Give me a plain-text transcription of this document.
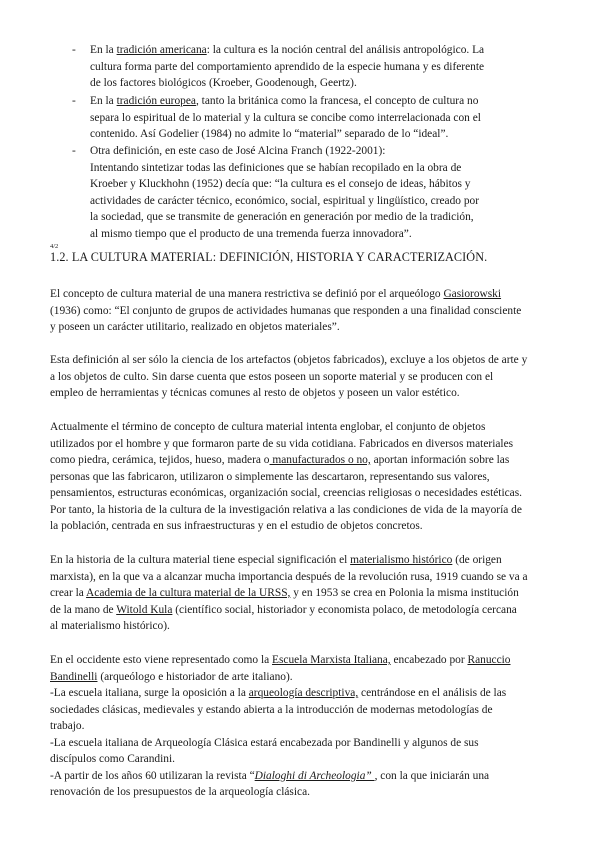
- En la tradición americana: la cultura es la noción central del análisis antropológico. La
cultura forma parte del comportamiento aprendido de la especie humana y es diferente
de los factores biológicos (Kroeber, Goodenough, Geertz).
- En la tradición europea, tanto la británica como la francesa, el concepto de cultura no
separa lo espiritual de lo material y la cultura se concibe como interrelacionada con el
contenido. Así Godelier (1984) no admite lo “material” separado de lo “ideal”.
- Otra definición, en este caso de José Alcina Franch (1922-2001):
Intentando sintetizar todas las definiciones que se habían recopilado en la obra de
Kroeber y Kluckhohn (1952) decía que: “la cultura es el consejo de ideas, hábitos y
actividades de carácter técnico, económico, social, espiritual y lingüístico, creado por
la sociedad, que se transmite de generación en generación por medio de la tradición,
al mismo tiempo que el producto de una tremenda fuerza innovadora”.
4/2
1.2. LA CULTURA MATERIAL: DEFINICIÓN, HISTORIA Y CARACTERIZACIÓN.
El concepto de cultura material de una manera restrictiva se definió por el arqueólogo Gasiorowski
(1936) como: “El conjunto de grupos de actividades humanas que responden a una finalidad consciente
y poseen un carácter utilitario, realizado en objetos materiales”.
Esta definición al ser sólo la ciencia de los artefactos (objetos fabricados), excluye a los objetos de arte y
a los objetos de culto. Sin darse cuenta que estos poseen un soporte material y se producen con el
empleo de herramientas y técnicas comunes al resto de objetos y poseen un valor estético.
Actualmente el término de concepto de cultura material intenta englobar, el conjunto de objetos
utilizados por el hombre y que formaron parte de su vida cotidiana. Fabricados en diversos materiales
como piedra, cerámica, tejidos, hueso, madera o manufacturados o no, aportan información sobre las
personas que las fabricaron, utilizaron o simplemente las descartaron, representando sus valores,
pensamientos, estructuras económicas, organización social, creencias religiosas o necesidades estéticas.
Por tanto, la historia de la cultura de la investigación relativa a las condiciones de vida de la mayoría de
la población, centrada en sus infraestructuras y en el estudio de objetos concretos.
En la historia de la cultura material tiene especial significación el materialismo histórico (de origen
marxista), en la que va a alcanzar mucha importancia después de la revolución rusa, 1919 cuando se va a
crear la Academia de la cultura material de la URSS, y en 1953 se crea en Polonia la misma institución
de la mano de Witold Kula (científico social, historiador y economista polaco, de metodología cercana
al materialismo histórico).
En el occidente esto viene representado como la Escuela Marxista Italiana, encabezado por Ranuccio
Bandinelli (arqueólogo e historiador de arte italiano).
-La escuela italiana, surge la oposición a la arqueología descriptiva, centrándose en el análisis de las
sociedades clásicas, medievales y estando abierta a la introducción de modernas metodologías de
trabajo.
-La escuela italiana de Arqueología Clásica estará encabezada por Bandinelli y algunos de sus
discípulos como Carandini.
-A partir de los años 60 utilizaran la revista “Dialoghi di Archeologia” , con la que iniciarán una
renovación de los presupuestos de la arqueología clásica.
